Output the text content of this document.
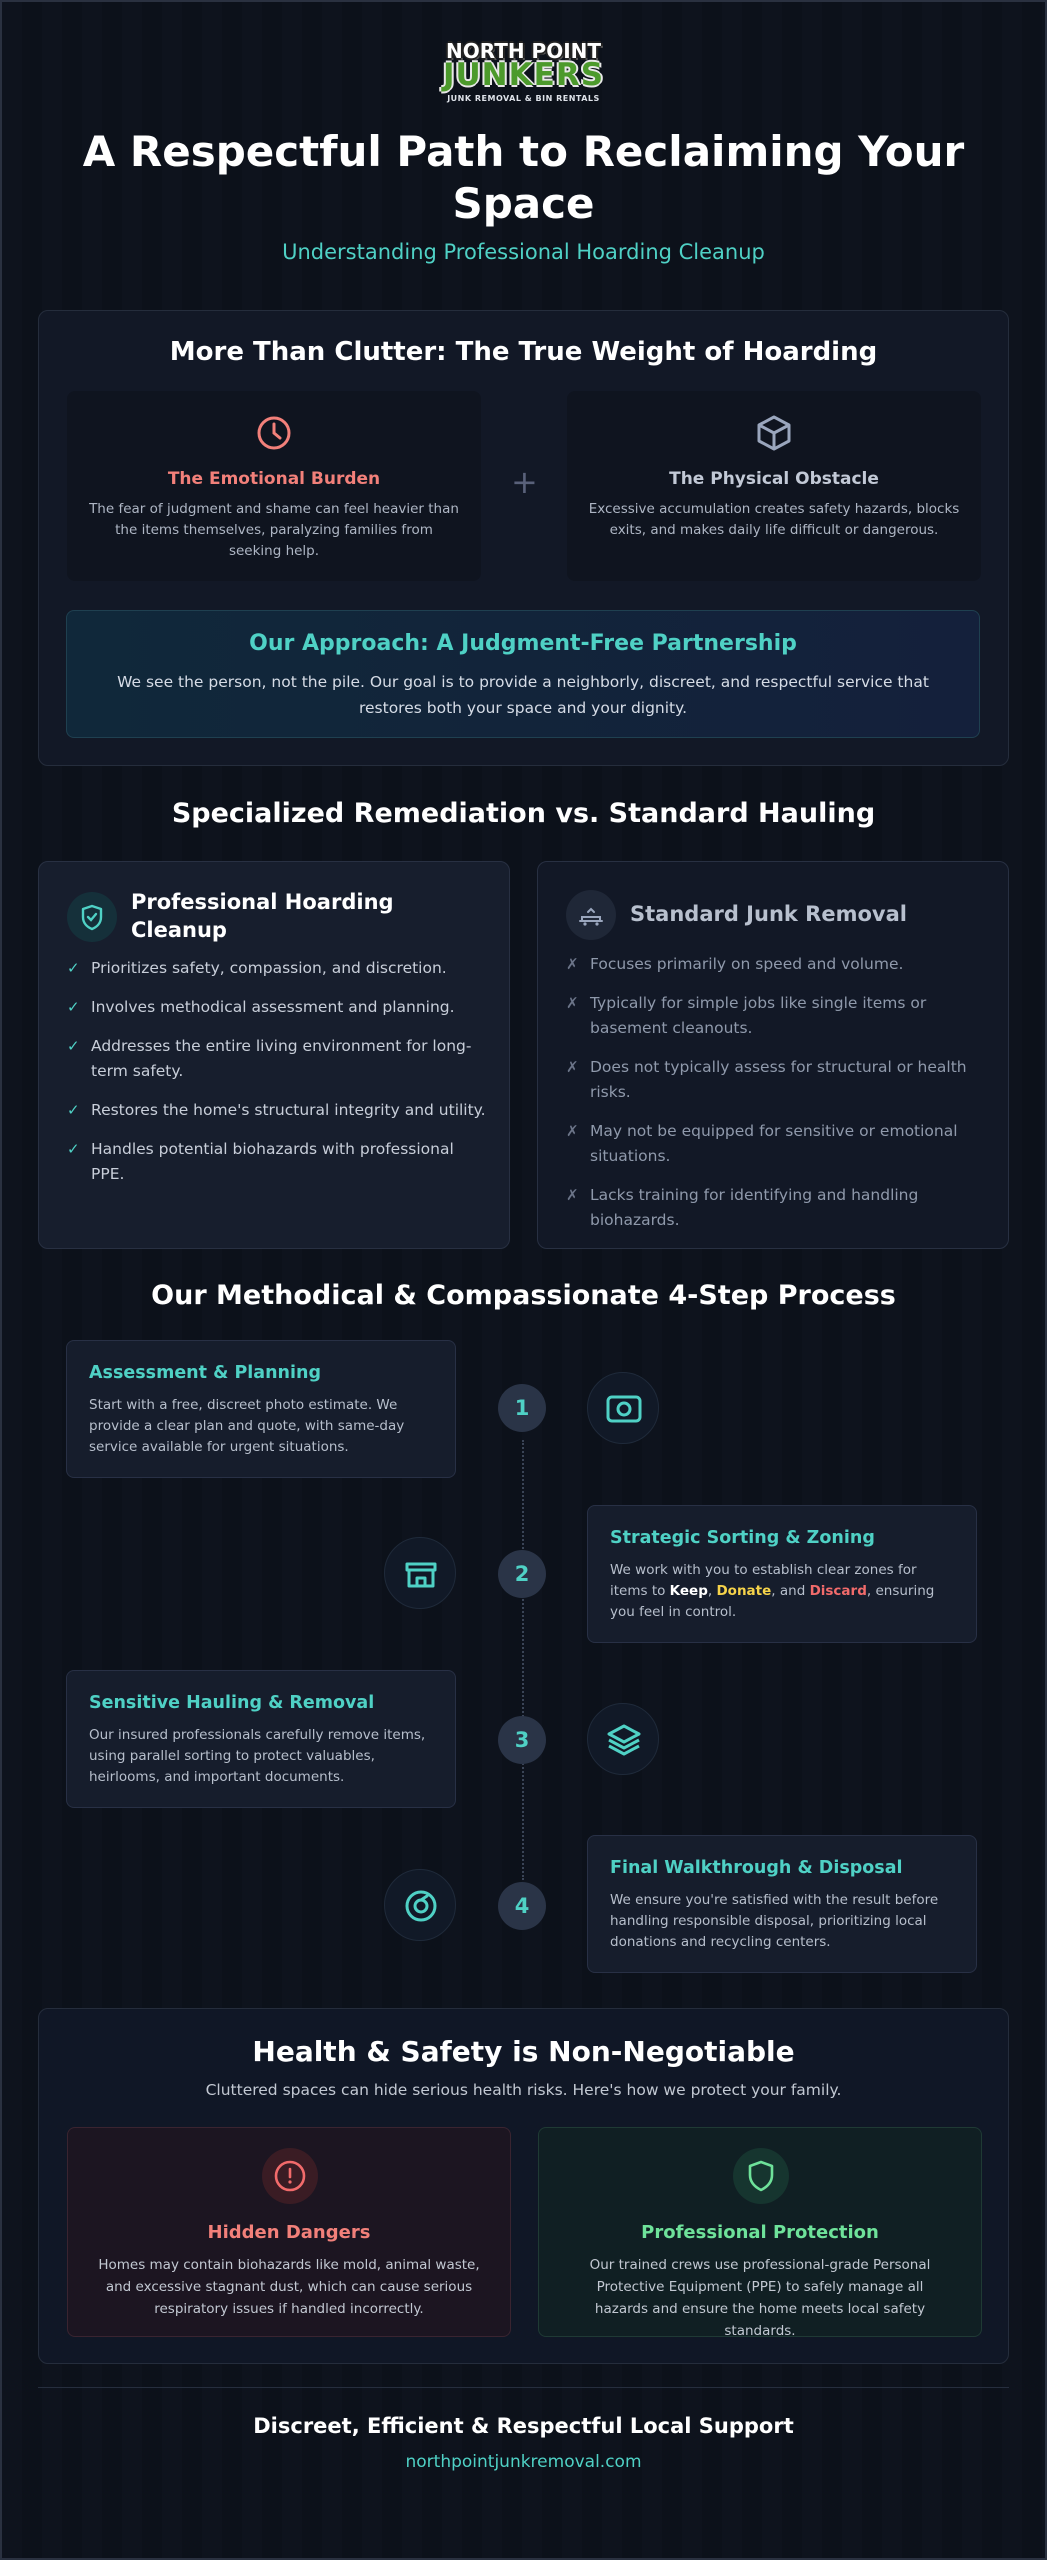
NORTH POINT
JUNKERS
JUNK REMOVAL & BIN RENTALS
A Respectful Path to Reclaiming Your Space
Understanding Professional Hoarding Cleanup
More Than Clutter: The True Weight of Hoarding
The Emotional Burden
The fear of judgment and shame can feel heavier than the items themselves, paralyzing families from seeking help.
+	The Physical Obstacle
Excessive accumulation creates safety hazards, blocks exits, and makes daily life difficult or dangerous.
Our Approach: A Judgment-Free Partnership
We see the person, not the pile. Our goal is to provide a neighborly, discreet, and respectful service that restores both your space and your dignity.
Specialized Remediation vs. Standard Hauling
Professional Hoarding Cleanup
✓ Prioritizes safety, compassion, and discretion.
✓ Involves methodical assessment and planning.
✓ Addresses the entire living environment for long-term safety.
✓ Restores the home's structural integrity and utility.
✓ Handles potential biohazards with professional PPE.
Standard Junk Removal
✗ Focuses primarily on speed and volume.
✗ Typically for simple jobs like single items or basement cleanouts.
✗ Does not typically assess for structural or health risks.
✗ May not be equipped for sensitive or emotional situations.
✗ Lacks training for identifying and handling biohazards.
Our Methodical & Compassionate 4-Step Process
Assessment & Planning
Start with a free, discreet photo estimate. We provide a clear plan and quote, with same-day service available for urgent situations.
1
2
Strategic Sorting & Zoning
We work with you to establish clear zones for items to Keep, Donate, and Discard, ensuring you feel in control.
Sensitive Hauling & Removal
Our insured professionals carefully remove items, using parallel sorting to protect valuables, heirlooms, and important documents.
3
4
Final Walkthrough & Disposal
We ensure you're satisfied with the result before handling responsible disposal, prioritizing local donations and recycling centers.
Health & Safety is Non-Negotiable
Cluttered spaces can hide serious health risks. Here's how we protect your family.
Hidden Dangers
Homes may contain biohazards like mold, animal waste, and excessive stagnant dust, which can cause serious respiratory issues if handled incorrectly.
Professional Protection
Our trained crews use professional-grade Personal Protective Equipment (PPE) to safely manage all hazards and ensure the home meets local safety standards.
Discreet, Efficient & Respectful Local Support
northpointjunkremoval.com
